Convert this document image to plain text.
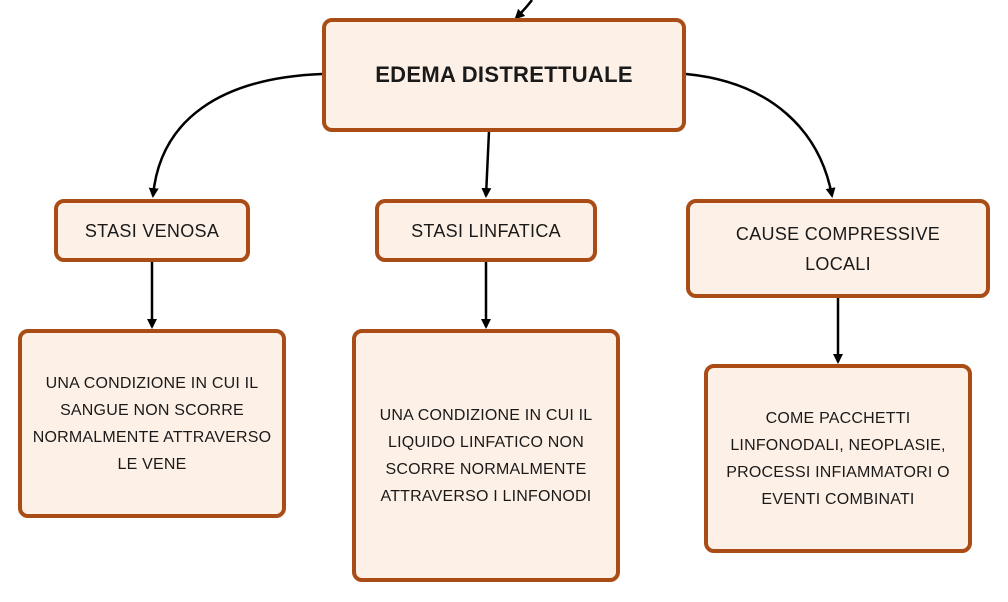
EDEMA DISTRETTUALE
STASI VENOSA	STASI LINFATICA	CAUSE COMPRESSIVE LOCALI
UNA CONDIZIONE IN CUI IL SANGUE NON SCORRE NORMALMENTE ATTRAVERSO LE VENE
UNA CONDIZIONE IN CUI IL LIQUIDO LINFATICO NON SCORRE NORMALMENTE ATTRAVERSO I LINFONODI
COME PACCHETTI LINFONODALI, NEOPLASIE, PROCESSI INFIAMMATORI O EVENTI COMBINATI
